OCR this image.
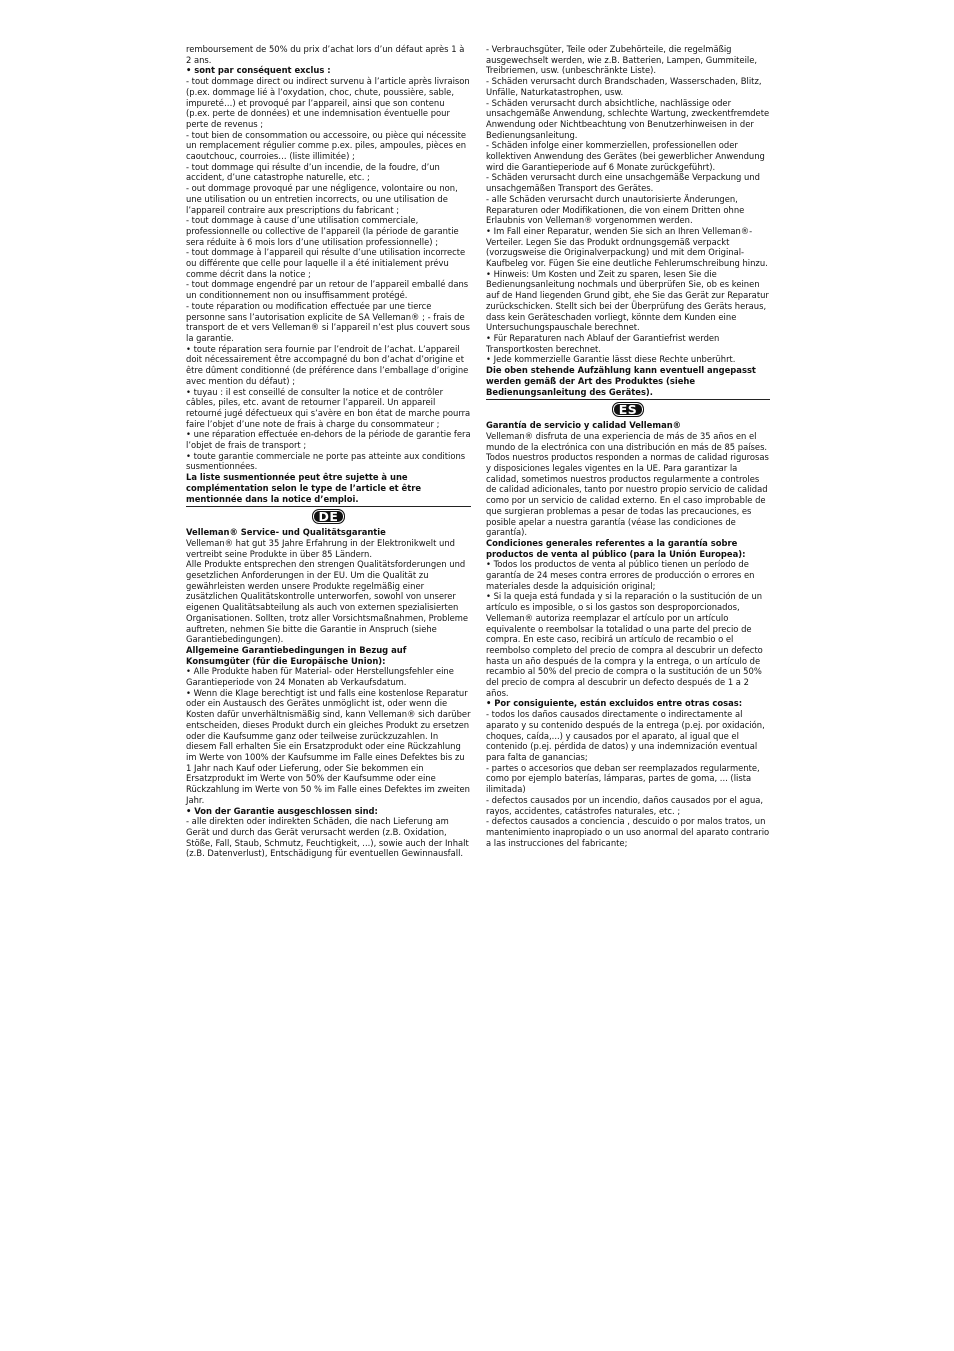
remboursement de 50% du prix d’achat lors d’un défaut après 1 à 2 ans.

• sont par conséquent exclus :

- tout dommage direct ou indirect survenu à l’article après livraison (p.ex. dommage lié à l’oxydation, choc, chute, poussière, sable, impureté…) et provoqué par l’appareil, ainsi que son contenu (p.ex. perte de données) et une indemnisation éventuelle pour perte de revenus ;

- tout bien de consommation ou accessoire, ou pièce qui nécessite un remplacement régulier comme p.ex. piles, ampoules, pièces en caoutchouc, courroies… (liste illimitée) ;

- tout dommage qui résulte d’un incendie, de la foudre, d’un accident, d’une catastrophe naturelle, etc. ;

- out dommage provoqué par une négligence, volontaire ou non, une utilisation ou un entretien incorrects, ou une utilisation de l’appareil contraire aux prescriptions du fabricant ;

- tout dommage à cause d’une utilisation commerciale, professionnelle ou collective de l’appareil (la période de garantie sera réduite à 6 mois lors d’une utilisation professionnelle) ;

- tout dommage à l’appareil qui résulte d’une utilisation incorrecte ou différente que celle pour laquelle il a été initialement prévu comme décrit dans la notice ;

- tout dommage engendré par un retour de l’appareil emballé dans un conditionnement non ou insuffisamment protégé.

- toute réparation ou modification effectuée par une tierce personne sans l’autorisation explicite de SA Velleman® ; - frais de transport de et vers Velleman® si l’appareil n’est plus couvert sous la garantie.

• toute réparation sera fournie par l’endroit de l’achat. L’appareil doit nécessairement être accompagné du bon d’achat d’origine et être dûment conditionné (de préférence dans l’emballage d’origine avec mention du défaut) ;

• tuyau : il est conseillé de consulter la notice et de contrôler câbles, piles, etc. avant de retourner l’appareil. Un appareil retourné jugé défectueux qui s’avère en bon état de marche pourra faire l’objet d’une note de frais à charge du consommateur ;

• une réparation effectuée en-dehors de la période de garantie fera l’objet de frais de transport ;

• toute garantie commerciale ne porte pas atteinte aux conditions susmentionnées.

La liste susmentionnée peut être sujette à une complémentation selon le type de l’article et être mentionnée dans la notice d’emploi.

DE

Velleman® Service- und Qualitätsgarantie

Velleman® hat gut 35 Jahre Erfahrung in der Elektronikwelt und vertreibt seine Produkte in über 85 Ländern.

Alle Produkte entsprechen den strengen Qualitätsforderungen und gesetzlichen Anforderungen in der EU. Um die Qualität zu gewährleisten werden unsere Produkte regelmäßig einer zusätzlichen Qualitätskontrolle unterworfen, sowohl von unserer eigenen Qualitätsabteilung als auch von externen spezialisierten Organisationen. Sollten, trotz aller Vorsichtsmaßnahmen, Probleme auftreten, nehmen Sie bitte die Garantie in Anspruch (siehe Garantiebedingungen).

Allgemeine Garantiebedingungen in Bezug auf Konsumgüter (für die Europäische Union):

• Alle Produkte haben für Material- oder Herstellungsfehler eine Garantieperiode von 24 Monaten ab Verkaufsdatum.

• Wenn die Klage berechtigt ist und falls eine kostenlose Reparatur oder ein Austausch des Gerätes unmöglicht ist, oder wenn die Kosten dafür unverhältnismäßig sind, kann Velleman® sich darüber entscheiden, dieses Produkt durch ein gleiches Produkt zu ersetzen oder die Kaufsumme ganz oder teilweise zurückzuzahlen. In diesem Fall erhalten Sie ein Ersatzprodukt oder eine Rückzahlung im Werte von 100% der Kaufsumme im Falle eines Defektes bis zu 1 Jahr nach Kauf oder Lieferung, oder Sie bekommen ein Ersatzprodukt im Werte von 50% der Kaufsumme oder eine Rückzahlung im Werte von 50 % im Falle eines Defektes im zweiten Jahr.

• Von der Garantie ausgeschlossen sind:

- alle direkten oder indirekten Schäden, die nach Lieferung am Gerät und durch das Gerät verursacht werden (z.B. Oxidation, Stöße, Fall, Staub, Schmutz, Feuchtigkeit, ...), sowie auch der Inhalt (z.B. Datenverlust), Entschädigung für eventuellen Gewinnausfall.

- Verbrauchsgüter, Teile oder Zubehörteile, die regelmäßig ausgewechselt werden, wie z.B. Batterien, Lampen, Gummiteile, Treibriemen, usw. (unbeschränkte Liste).

- Schäden verursacht durch Brandschaden, Wasserschaden, Blitz, Unfälle, Naturkatastrophen, usw.

- Schäden verursacht durch absichtliche, nachlässige oder unsachgemäße Anwendung, schlechte Wartung, zweckentfremdete Anwendung oder Nichtbeachtung von Benutzerhinweisen in der Bedienungsanleitung.

- Schäden infolge einer kommerziellen, professionellen oder kollektiven Anwendung des Gerätes (bei gewerblicher Anwendung wird die Garantieperiode auf 6 Monate zurückgeführt).

- Schäden verursacht durch eine unsachgemäße Verpackung und unsachgemäßen Transport des Gerätes.

- alle Schäden verursacht durch unautorisierte Änderungen, Reparaturen oder Modifikationen, die von einem Dritten ohne Erlaubnis von Velleman® vorgenommen werden.

• Im Fall einer Reparatur, wenden Sie sich an Ihren Velleman®-Verteiler. Legen Sie das Produkt ordnungsgemäß verpackt (vorzugsweise die Originalverpackung) und mit dem Original-Kaufbeleg vor. Fügen Sie eine deutliche Fehlerumschreibung hinzu.

• Hinweis: Um Kosten und Zeit zu sparen, lesen Sie die Bedienungsanleitung nochmals und überprüfen Sie, ob es keinen auf de Hand liegenden Grund gibt, ehe Sie das Gerät zur Reparatur zurückschicken. Stellt sich bei der Überprüfung des Geräts heraus, dass kein Geräteschaden vorliegt, könnte dem Kunden eine Untersuchungspauschale berechnet.

• Für Reparaturen nach Ablauf der Garantiefrist werden Transportkosten berechnet.

• Jede kommerzielle Garantie lässt diese Rechte unberührt.

Die oben stehende Aufzählung kann eventuell angepasst werden gemäß der Art des Produktes (siehe Bedienungsanleitung des Gerätes).

ES

Garantía de servicio y calidad Velleman®

Velleman® disfruta de una experiencia de más de 35 años en el mundo de la electrónica con una distribución en más de 85 países.

Todos nuestros productos responden a normas de calidad rigurosas y disposiciones legales vigentes en la UE. Para garantizar la calidad, sometimos nuestros productos regularmente a controles de calidad adicionales, tanto por nuestro propio servicio de calidad como por un servicio de calidad externo. En el caso improbable de que surgieran problemas a pesar de todas las precauciones, es posible apelar a nuestra garantía (véase las condiciones de garantía).

Condiciones generales referentes a la garantía sobre productos de venta al público (para la Unión Europea):

• Todos los productos de venta al público tienen un período de garantía de 24 meses contra errores de producción o errores en materiales desde la adquisición original;

• Si la queja está fundada y si la reparación o la sustitución de un artículo es imposible, o si los gastos son desproporcionados, Velleman® autoriza reemplazar el artículo por un artículo equivalente o reembolsar la totalidad o una parte del precio de compra. En este caso, recibirá un artículo de recambio o el reembolso completo del precio de compra al descubrir un defecto hasta un año después de la compra y la entrega, o un artículo de recambio al 50% del precio de compra o la sustitución de un 50% del precio de compra al descubrir un defecto después de 1 a 2 años.

• Por consiguiente, están excluidos entre otras cosas:

- todos los daños causados directamente o indirectamente al aparato y su contenido después de la entrega (p.ej. por oxidación, choques, caída,...) y causados por el aparato, al igual que el contenido (p.ej. pérdida de datos) y una indemnización eventual para falta de ganancias;

- partes o accesorios que deban ser reemplazados regularmente, como por ejemplo baterías, lámparas, partes de goma, ... (lista ilimitada)

- defectos causados por un incendio, daños causados por el agua, rayos, accidentes, catástrofes naturales, etc. ;

- defectos causados a conciencia , descuido o por malos tratos, un mantenimiento inapropiado o un uso anormal del aparato contrario a las instrucciones del fabricante;
